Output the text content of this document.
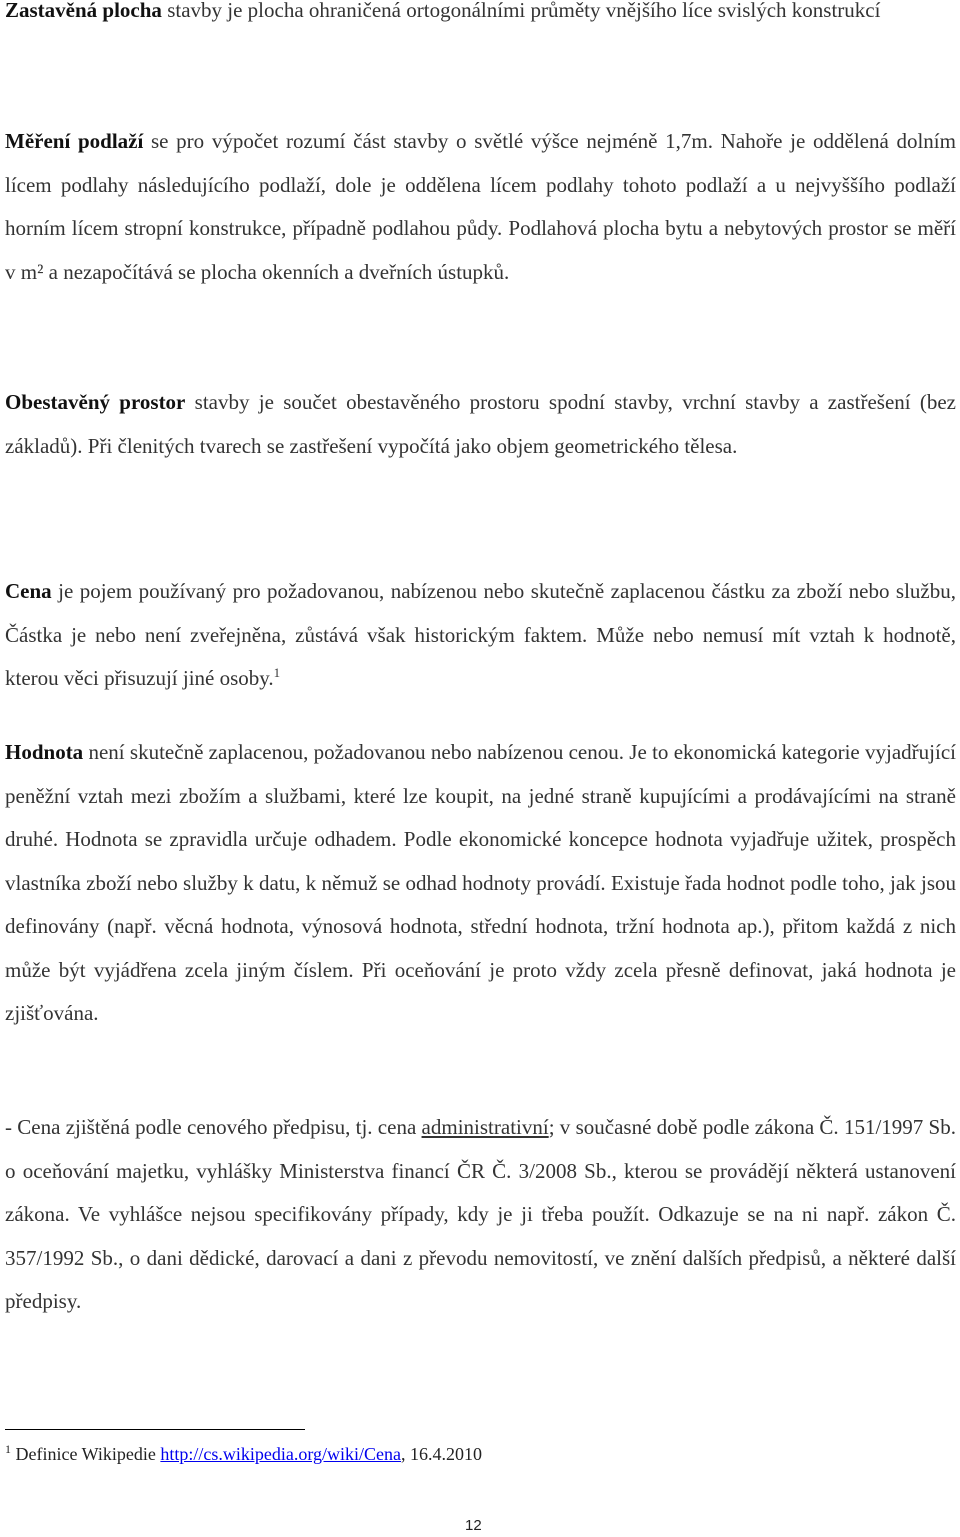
Zastavěná plocha stavby je plocha ohraničená ortogonálními průměty vnějšího líce svislých konstrukcí

Měření podlaží se pro výpočet rozumí část stavby o světlé výšce nejméně 1,7m. Nahoře je oddělená dolním lícem podlahy následujícího podlaží, dole je oddělena lícem podlahy tohoto podlaží a u nejvyššího podlaží horním lícem stropní konstrukce, případně podlahou půdy. Podlahová plocha bytu a nebytových prostor se měří v m² a nezapočítává se plocha okenních a dveřních ústupků.

Obestavěný prostor stavby je součet obestavěného prostoru spodní stavby, vrchní stavby a zastřešení (bez základů). Při členitých tvarech se zastřešení vypočítá jako objem geometrického tělesa.

Cena je pojem používaný pro požadovanou, nabízenou nebo skutečně zaplacenou částku za zboží nebo službu, Částka je nebo není zveřejněna, zůstává však historickým faktem. Může nebo nemusí mít vztah k hodnotě, kterou věci přisuzují jiné osoby.$^1$

Hodnota není skutečně zaplacenou, požadovanou nebo nabízenou cenou. Je to ekonomická kategorie vyjadřující peněžní vztah mezi zbožím a službami, které lze koupit, na jedné straně kupujícími a prodávajícími na straně druhé. Hodnota se zpravidla určuje odhadem. Podle ekonomické koncepce hodnota vyjadřuje užitek, prospěch vlastníka zboží nebo služby k datu, k němuž se odhad hodnoty provádí. Existuje řada hodnot podle toho, jak jsou definovány (např. věcná hodnota, výnosová hodnota, střední hodnota, tržní hodnota ap.), přitom každá z nich může být vyjádřena zcela jiným číslem. Při oceňování je proto vždy zcela přesně definovat, jaká hodnota je zjišťována.

- Cena zjištěná podle cenového předpisu, tj. cena administrativní; v současné době podle zákona Č. 151/1997 Sb. o oceňování majetku, vyhlášky Ministerstva financí ČR Č. 3/2008 Sb., kterou se provádějí některá ustanovení zákona. Ve vyhlášce nejsou specifikovány případy, kdy je ji třeba použít. Odkazuje se na ni např. zákon Č. 357/1992 Sb., o dani dědické, darovací a dani z převodu nemovitostí, ve znění dalších předpisů, a některé další předpisy.

$^1$ Definice Wikipedie http://cs.wikipedia.org/wiki/Cena, 16.4.2010
12
